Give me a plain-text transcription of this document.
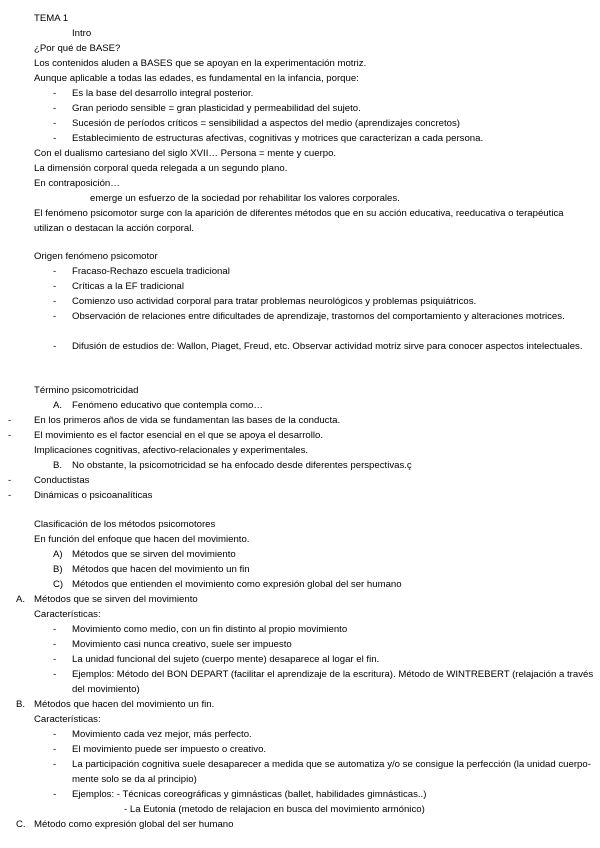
TEMA 1
Intro
¿Por qué de BASE?
Los contenidos aluden a BASES que se apoyan en la experimentación motriz.
Aunque aplicable a todas las edades, es fundamental en la infancia, porque:
- Es la base del desarrollo integral posterior.
- Gran periodo sensible = gran plasticidad y permeabilidad del sujeto.
- Sucesión de períodos críticos = sensibilidad a aspectos del medio (aprendizajes concretos)
- Establecimiento de estructuras afectivas, cognitivas y motrices que caracterizan a cada persona.
Con el dualismo cartesiano del siglo XVII… Persona = mente y cuerpo.
La dimensión corporal queda relegada a un segundo plano.
En contraposición…
emerge un esfuerzo de la sociedad por rehabilitar los valores corporales.
El fenómeno psicomotor surge con la aparición de diferentes métodos que en su acción educativa, reeducativa o terapéutica utilizan o destacan la acción corporal.
Origen fenómeno psicomotor
- Fracaso-Rechazo escuela tradicional
- Críticas a la EF tradicional
- Comienzo uso actividad corporal para tratar problemas neurológicos y problemas psiquiátricos.
- Observación de relaciones entre dificultades de aprendizaje, trastornos del comportamiento y alteraciones motrices.
- Difusión de estudios de: Wallon, Piaget, Freud, etc. Observar actividad motriz sirve para conocer aspectos intelectuales.
Término psicomotricidad
A. Fenómeno educativo que contempla como…
- En los primeros años de vida se fundamentan las bases de la conducta.
- El movimiento es el factor esencial en el que se apoya el desarrollo.
Implicaciones cognitivas, afectivo-relacionales y experimentales.
B. No obstante, la psicomotricidad se ha enfocado desde diferentes perspectivas.ç
- Conductistas
- Dinámicas o psicoanalíticas
Clasificación de los métodos psicomotores
En función del enfoque que hacen del movimiento.
A) Métodos que se sirven del movimiento
B) Métodos que hacen del movimiento un fin
C) Métodos que entienden el movimiento como expresión global del ser humano
A. Métodos que se sirven del movimiento
Características:
- Movimiento como medio, con un fin distinto al propio movimiento
- Movimiento casi nunca creativo, suele ser impuesto
- La unidad funcional del sujeto (cuerpo mente) desaparece al logar el fin.
- Ejemplos: Método del BON DEPART (facilitar el aprendizaje de la escritura). Método de WINTREBERT (relajación a través del movimiento)
B. Métodos que hacen del movimiento un fin.
Características:
- Movimiento cada vez mejor, más perfecto.
- El movimiento puede ser impuesto o creativo.
- La participación cognitiva suele desaparecer a medida que se automatiza y/o se consigue la perfección (la unidad cuerpo-mente solo se da al principio)
- Ejemplos: - Técnicas coreográficas y gimnásticas (ballet, habilidades gimnásticas..)
- La Eutonia (metodo de relajacion en busca del movimiento armónico)
C. Método como expresión global del ser humano
